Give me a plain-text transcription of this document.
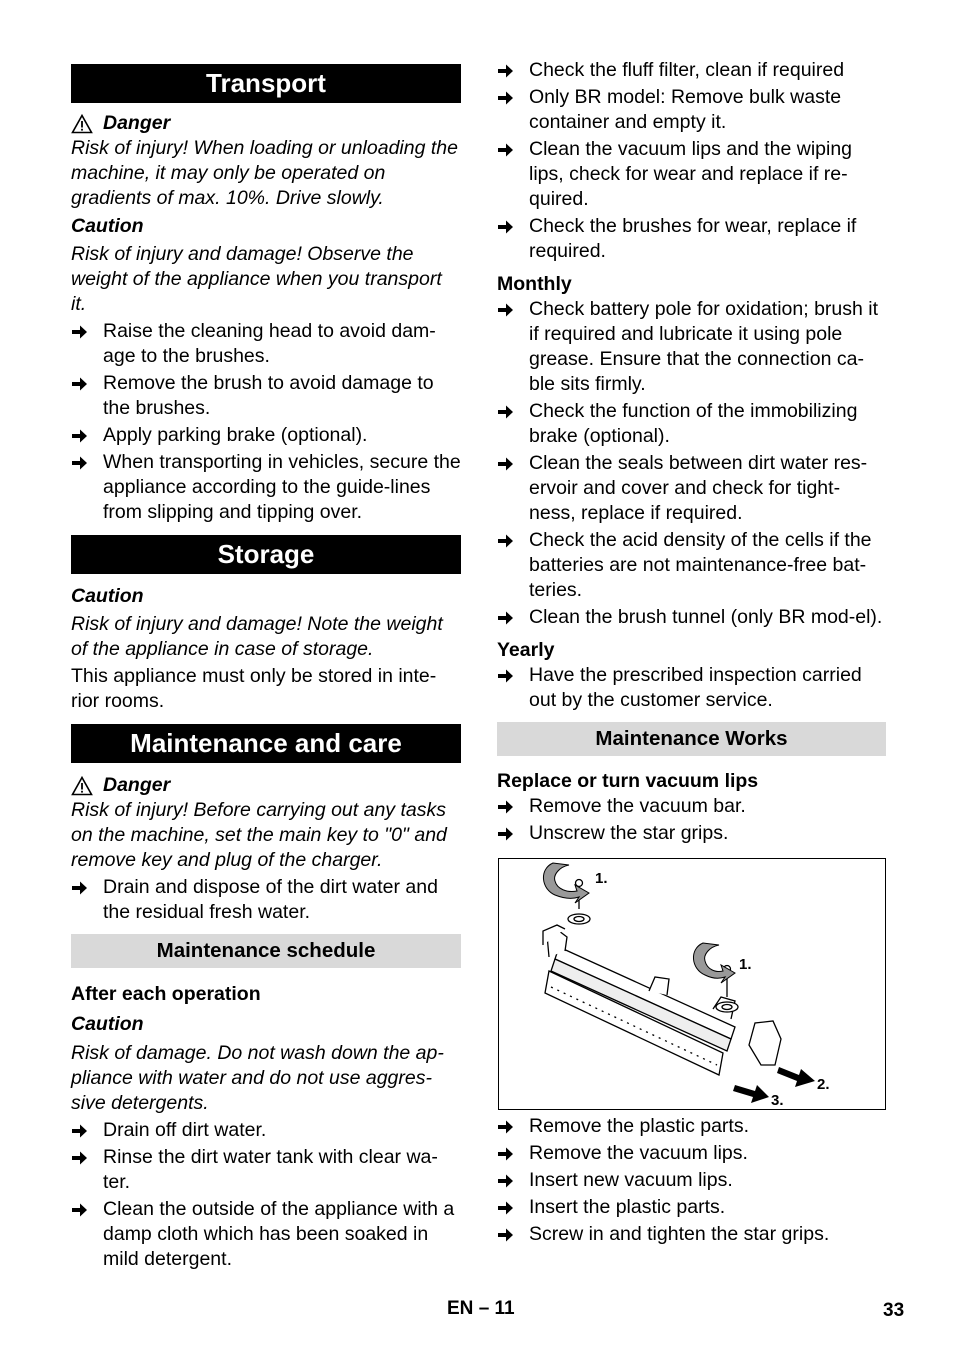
Transport
Danger
Risk of injury! When loading or unloading the machine, it may only be operated on gradients of max. 10%. Drive slowly.
Caution
Risk of injury and damage! Observe the weight of the appliance when you transport it.
Raise the cleaning head to avoid dam-age to the brushes.
Remove the brush to avoid damage to the brushes.
Apply parking brake (optional).
When transporting in vehicles, secure the appliance according to the guide-lines from slipping and tipping over.
Storage
Caution
Risk of injury and damage! Note the weight of the appliance in case of storage.
This appliance must only be stored in inte-rior rooms.
Maintenance and care
Danger
Risk of injury! Before carrying out any tasks on the machine, set the main key to "0" and remove key and plug of the charger.
Drain and dispose of the dirt water and the residual fresh water.
Maintenance schedule
After each operation
Caution
Risk of damage. Do not wash down the ap-pliance with water and do not use aggres-sive detergents.
Drain off dirt water.
Rinse the dirt water tank with clear wa-ter.
Clean the outside of the appliance with a damp cloth which has been soaked in mild detergent.
Check the fluff filter, clean if required
Only BR model: Remove bulk waste container and empty it.
Clean the vacuum lips and the wiping lips, check for wear and replace if re-quired.
Check the brushes for wear, replace if required.
Monthly
Check battery pole for oxidation; brush it if required and lubricate it using pole grease. Ensure that the connection ca-ble sits firmly.
Check the function of the immobilizing brake (optional).
Clean the seals between dirt water res-ervoir and cover and check for tight-ness, replace if required.
Check the acid density of the cells if the batteries are not maintenance-free bat-teries.
Clean the brush tunnel (only BR mod-el).
Yearly
Have the prescribed inspection carried out by the customer service.
Maintenance Works
Replace or turn vacuum lips
Remove the vacuum bar.
Unscrew the star grips.
1.
1.
2.
3.
Remove the plastic parts.
Remove the vacuum lips.
Insert new vacuum lips.
Insert the plastic parts.
Screw in and tighten the star grips.
EN – 11	33
